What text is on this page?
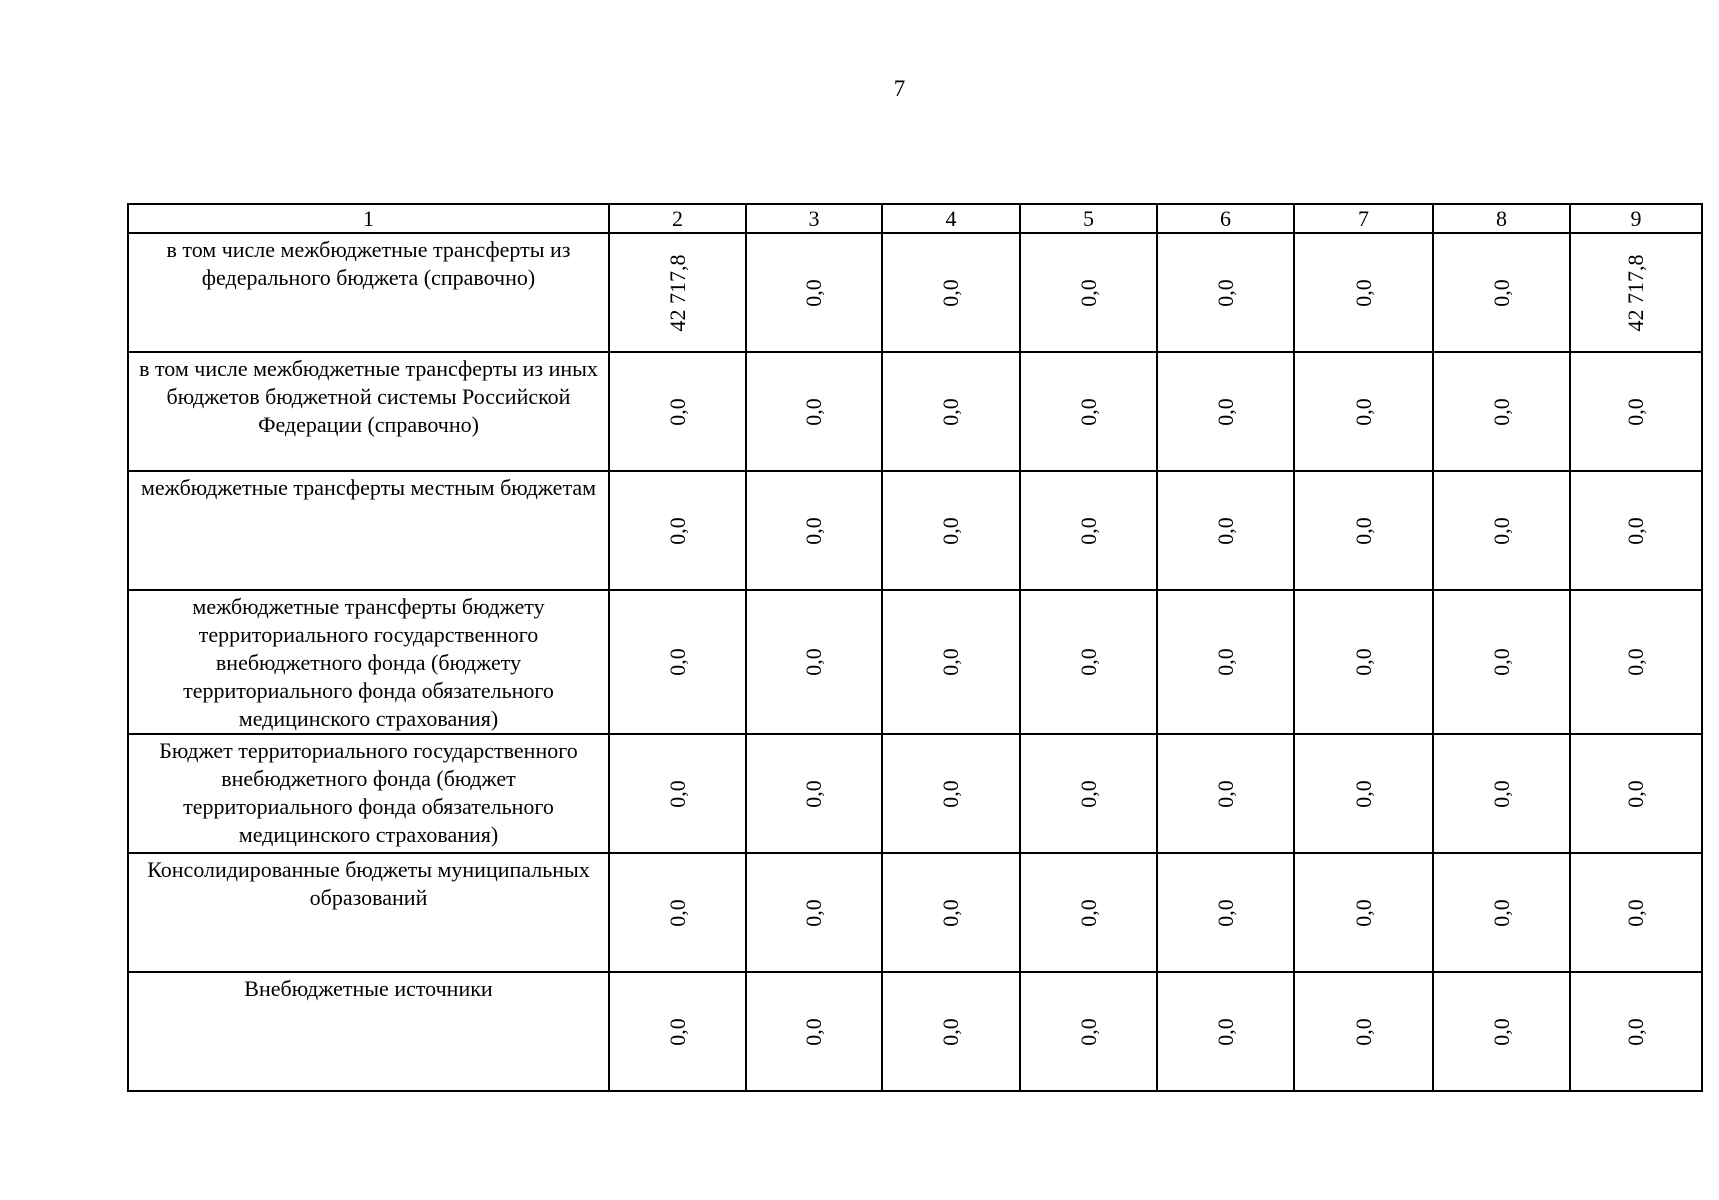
7
1	2	3	4	5	6	7	8	9
в том числе межбюджетные трансферты из федерального бюджета (справочно)	42 717,8	0,0	0,0	0,0	0,0	0,0	0,0	42 717,8

в том числе межбюджетные трансферты из иных бюджетов бюджетной системы Российской Федерации (справочно)	0,0	0,0	0,0	0,0	0,0	0,0	0,0	0,0

межбюджетные трансферты местным бюджетам	0,0	0,0	0,0	0,0	0,0	0,0	0,0	0,0

межбюджетные трансферты бюджету территориального государственного внебюджетного фонда (бюджету территориального фонда обязательного медицинского страхования)	0,0	0,0	0,0	0,0	0,0	0,0	0,0	0,0

Бюджет территориального государственного внебюджетного фонда (бюджет территориального фонда обязательного медицинского страхования)	0,0	0,0	0,0	0,0	0,0	0,0	0,0	0,0

Консолидированные бюджеты муниципальных образований	0,0	0,0	0,0	0,0	0,0	0,0	0,0	0,0

Внебюджетные источники	0,0	0,0	0,0	0,0	0,0	0,0	0,0	0,0
